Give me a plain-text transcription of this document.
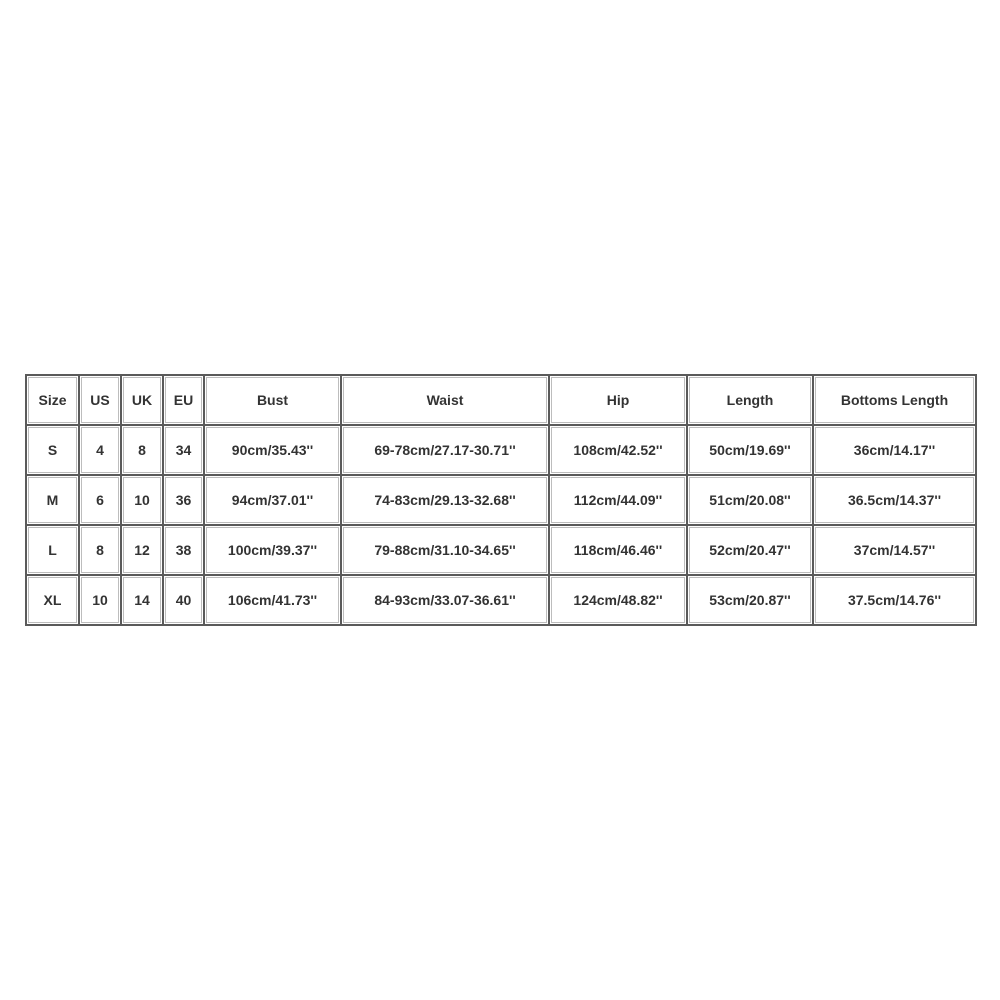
Size	US	UK	EU	Bust	Waist	Hip	Length	Bottoms Length
S	4	8	34	90cm/35.43''	69-78cm/27.17-30.71''	108cm/42.52''	50cm/19.69''	36cm/14.17''
M	6	10	36	94cm/37.01''	74-83cm/29.13-32.68''	112cm/44.09''	51cm/20.08''	36.5cm/14.37''
L	8	12	38	100cm/39.37''	79-88cm/31.10-34.65''	118cm/46.46''	52cm/20.47''	37cm/14.57''
XL	10	14	40	106cm/41.73''	84-93cm/33.07-36.61''	124cm/48.82''	53cm/20.87''	37.5cm/14.76''
